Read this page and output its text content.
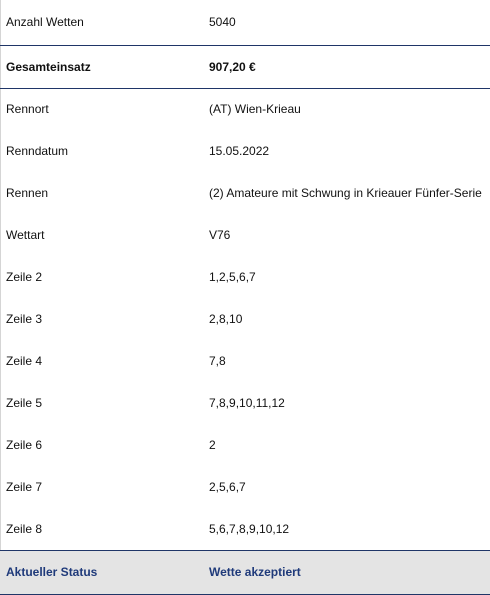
Anzahl Wetten	5040
Gesamteinsatz	907,20 €
Rennort	(AT) Wien-Krieau
Renndatum	15.05.2022
Rennen	(2) Amateure mit Schwung in Krieauer Fünfer-Serie
Wettart	V76
Zeile 2	1,2,5,6,7
Zeile 3	2,8,10
Zeile 4	7,8
Zeile 5	7,8,9,10,11,12
Zeile 6	2
Zeile 7	2,5,6,7
Zeile 8	5,6,7,8,9,10,12
Aktueller Status	Wette akzeptiert
